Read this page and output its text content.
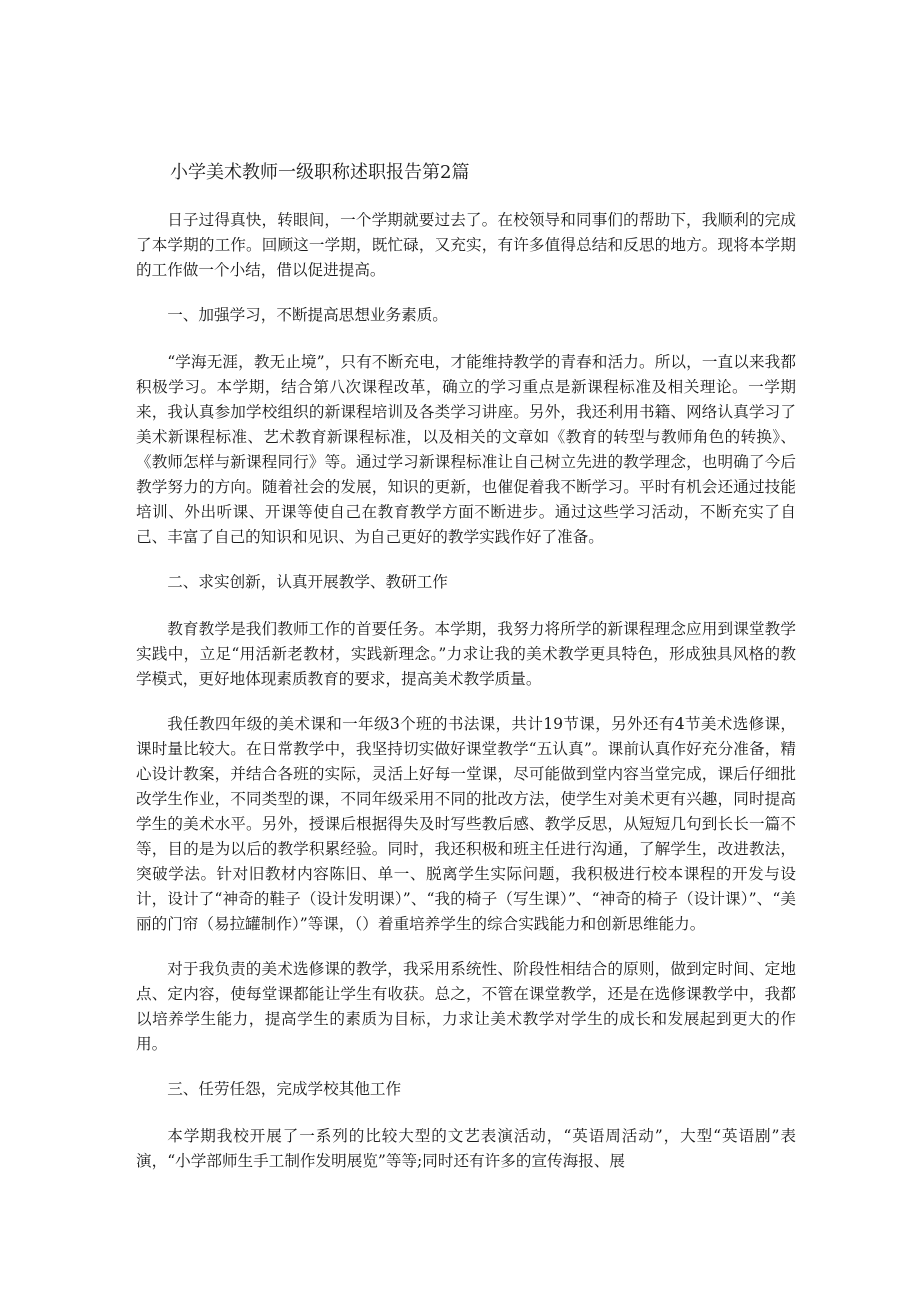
小学美术教师一级职称述职报告第2篇

日子过得真快，转眼间，一个学期就要过去了。在校领导和同事们的帮助下，我顺利的完成了本学期的工作。回顾这一学期，既忙碌，又充实，有许多值得总结和反思的地方。现将本学期的工作做一个小结，借以促进提高。

一、加强学习，不断提高思想业务素质。

“学海无涯，教无止境”，只有不断充电，才能维持教学的青春和活力。所以，一直以来我都积极学习。本学期，结合第八次课程改革，确立的学习重点是新课程标准及相关理论。一学期来，我认真参加学校组织的新课程培训及各类学习讲座。另外，我还利用书籍、网络认真学习了美术新课程标准、艺术教育新课程标准，以及相关的文章如《教育的转型与教师角色的转换》、《教师怎样与新课程同行》等。通过学习新课程标准让自己树立先进的教学理念，也明确了今后教学努力的方向。随着社会的发展，知识的更新，也催促着我不断学习。平时有机会还通过技能培训、外出听课、开课等使自己在教育教学方面不断进步。通过这些学习活动，不断充实了自己、丰富了自己的知识和见识、为自己更好的教学实践作好了准备。

二、求实创新，认真开展教学、教研工作

教育教学是我们教师工作的首要任务。本学期，我努力将所学的新课程理念应用到课堂教学实践中，立足“用活新老教材，实践新理念。”力求让我的美术教学更具特色，形成独具风格的教学模式，更好地体现素质教育的要求，提高美术教学质量。

我任教四年级的美术课和一年级3个班的书法课，共计19节课，另外还有4节美术选修课，课时量比较大。在日常教学中，我坚持切实做好课堂教学“五认真”。课前认真作好充分准备，精心设计教案，并结合各班的实际，灵活上好每一堂课，尽可能做到堂内容当堂完成，课后仔细批改学生作业，不同类型的课，不同年级采用不同的批改方法，使学生对美术更有兴趣，同时提高学生的美术水平。另外，授课后根据得失及时写些教后感、教学反思，从短短几句到长长一篇不等，目的是为以后的教学积累经验。同时，我还积极和班主任进行沟通，了解学生，改进教法，突破学法。针对旧教材内容陈旧、单一、脱离学生实际问题，我积极进行校本课程的开发与设计，设计了“神奇的鞋子（设计发明课）”、“我的椅子（写生课）”、“神奇的椅子（设计课）”、“美丽的门帘（易拉罐制作）”等课，（）着重培养学生的综合实践能力和创新思维能力。

对于我负责的美术选修课的教学，我采用系统性、阶段性相结合的原则，做到定时间、定地点、定内容，使每堂课都能让学生有收获。总之，不管在课堂教学，还是在选修课教学中，我都以培养学生能力，提高学生的素质为目标，力求让美术教学对学生的成长和发展起到更大的作用。

三、任劳任怨，完成学校其他工作

本学期我校开展了一系列的比较大型的文艺表演活动，“英语周活动”，大型“英语剧”表演，“小学部师生手工制作发明展览”等等;同时还有许多的宣传海报、展
